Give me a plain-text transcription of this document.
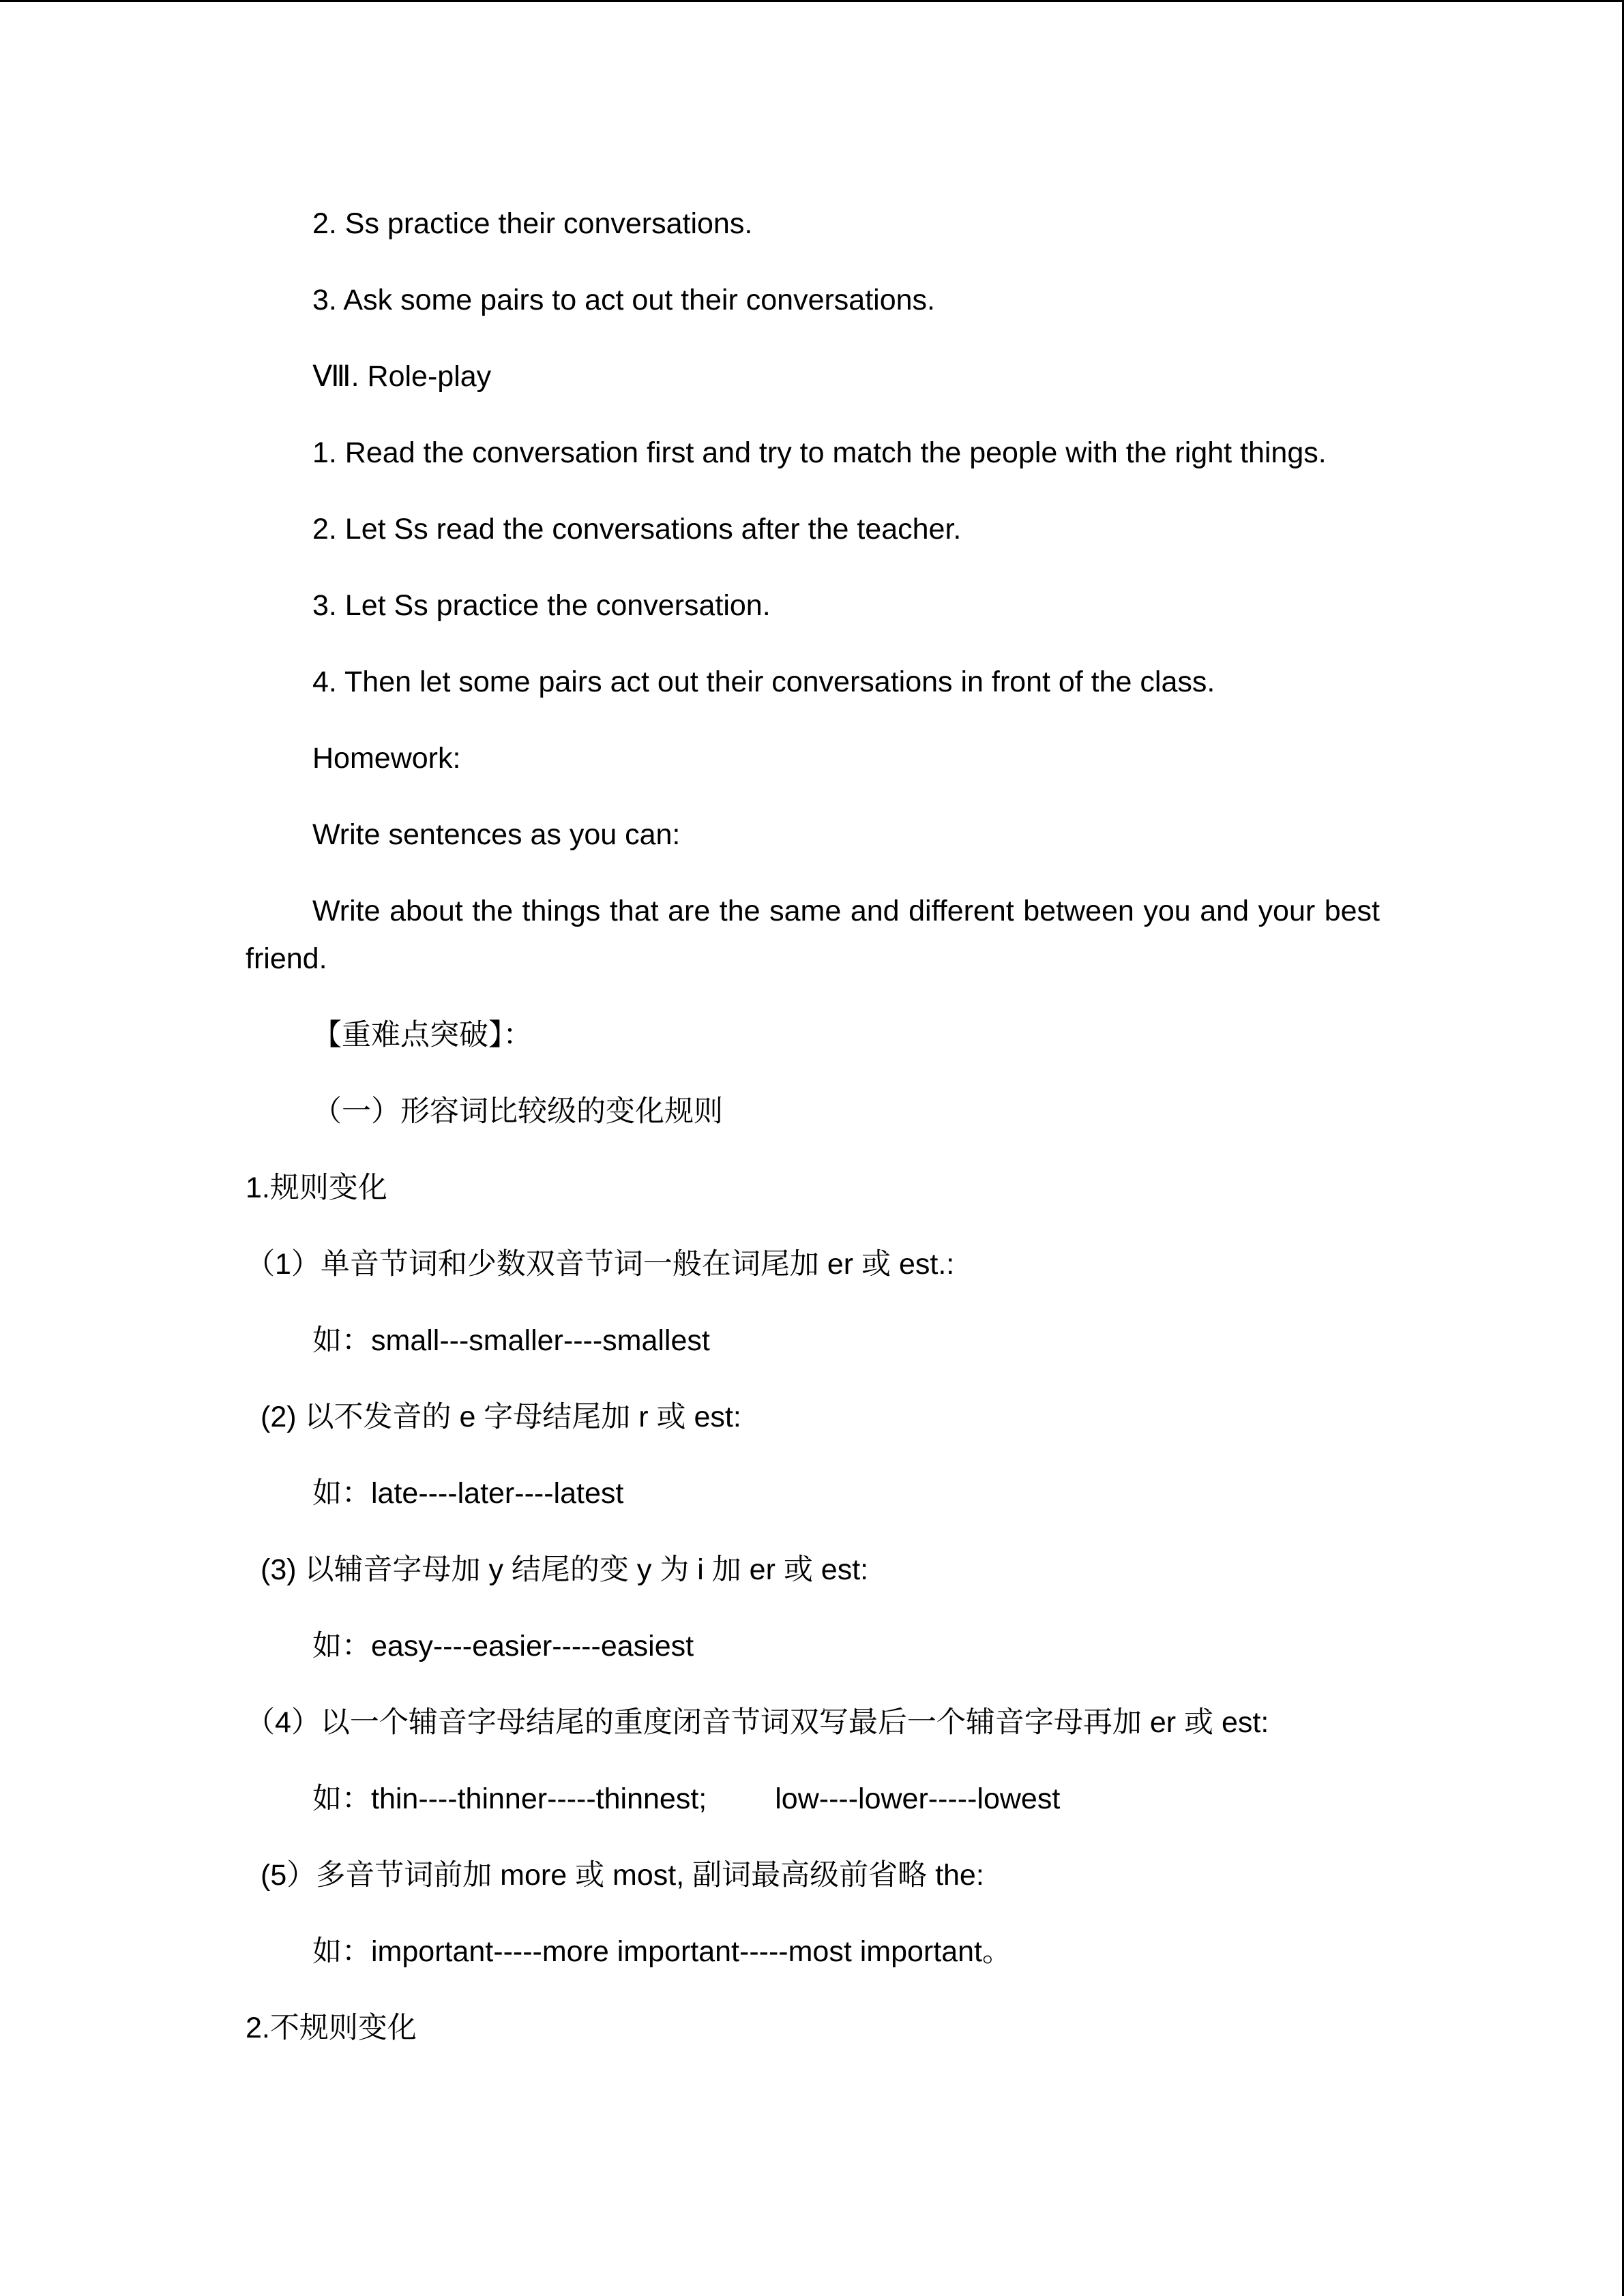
2. Ss practice their conversations.
3. Ask some pairs to act out their conversations.
Ⅷ. Role-play
1. Read the conversation first and try to match the people with the right things.
2. Let Ss read the conversations after the teacher.
3. Let Ss practice the conversation.
4. Then let some pairs act out their conversations in front of the class.
Homework:
Write sentences as you can:
Write about the things that are the same and different between you and your best friend.
【重难点突破】：
（一）形容词比较级的变化规则
1.规则变化
（1）单音节词和少数双音节词一般在词尾加 er 或 est.:
如：small---smaller----smallest
(2) 以不发音的 e 字母结尾加 r 或 est:
如：late----later----latest
(3) 以辅音字母加 y 结尾的变 y 为 i 加 er 或 est:
如：easy----easier-----easiest
（4）以一个辅音字母结尾的重度闭音节词双写最后一个辅音字母再加 er 或 est:
如：thin----thinner-----thinnest; low----lower-----lowest
(5）多音节词前加 more 或 most, 副词最高级前省略 the:
如：important-----more important-----most important。
2.不规则变化
